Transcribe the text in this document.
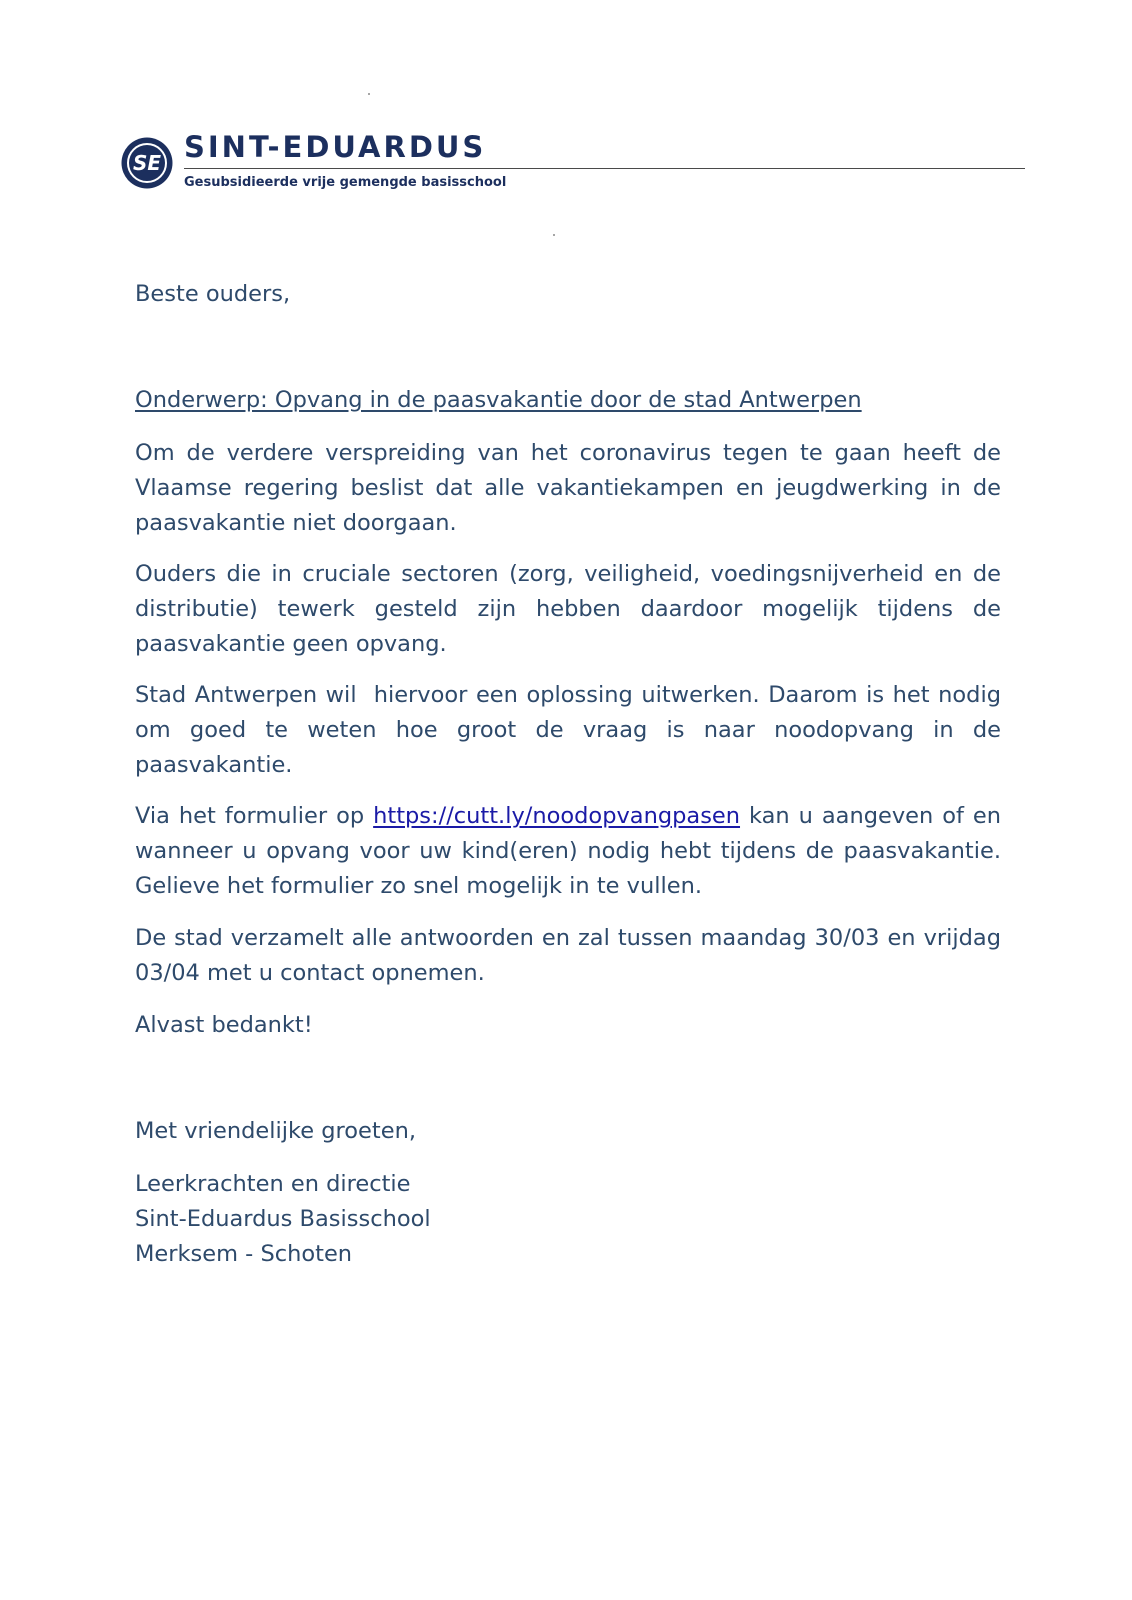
SE SINT-EDUARDUS
Gesubsidieerde vrije gemengde basisschool

Beste ouders,

Onderwerp: Opvang in de paasvakantie door de stad Antwerpen

Om de verdere verspreiding van het coronavirus tegen te gaan heeft de Vlaamse regering beslist dat alle vakantiekampen en jeugdwerking in de paasvakantie niet doorgaan.

Ouders die in cruciale sectoren (zorg, veiligheid, voedingsnijverheid en de distributie) tewerk gesteld zijn hebben daardoor mogelijk tijdens de paasvakantie geen opvang.

Stad Antwerpen wil  hiervoor een oplossing uitwerken. Daarom is het nodig om goed te weten hoe groot de vraag is naar noodopvang in de paasvakantie.

Via het formulier op https://cutt.ly/noodopvangpasen kan u aangeven of en wanneer u opvang voor uw kind(eren) nodig hebt tijdens de paasvakantie. Gelieve het formulier zo snel mogelijk in te vullen.

De stad verzamelt alle antwoorden en zal tussen maandag 30/03 en vrijdag 03/04 met u contact opnemen.

Alvast bedankt!

Met vriendelijke groeten,

Leerkrachten en directie
Sint-Eduardus Basisschool
Merksem - Schoten
